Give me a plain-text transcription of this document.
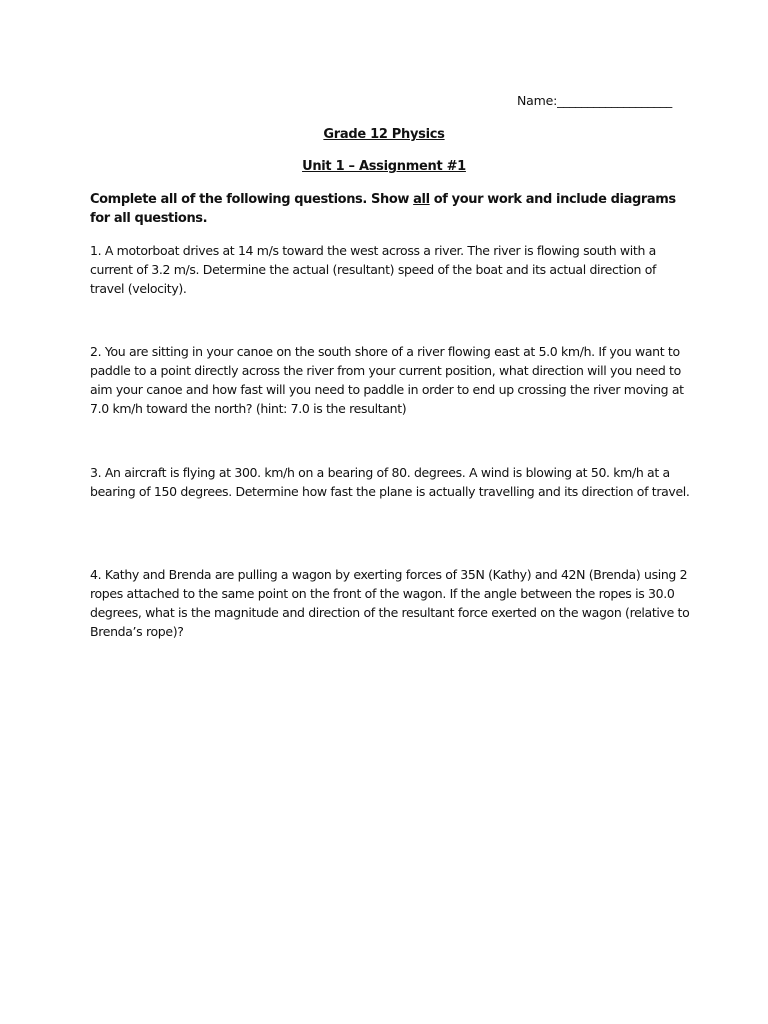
Name:___________________
Grade 12 Physics
Unit 1 – Assignment #1
Complete all of the following questions. Show all of your work and include diagrams for all questions.
1. A motorboat drives at 14 m/s toward the west across a river. The river is flowing south with a current of 3.2 m/s. Determine the actual (resultant) speed of the boat and its actual direction of travel (velocity).
2. You are sitting in your canoe on the south shore of a river flowing east at 5.0 km/h. If you want to paddle to a point directly across the river from your current position, what direction will you need to aim your canoe and how fast will you need to paddle in order to end up crossing the river moving at 7.0 km/h toward the north? (hint: 7.0 is the resultant)
3. An aircraft is flying at 300. km/h on a bearing of 80. degrees. A wind is blowing at 50. km/h at a bearing of 150 degrees. Determine how fast the plane is actually travelling and its direction of travel.
4. Kathy and Brenda are pulling a wagon by exerting forces of 35N (Kathy) and 42N (Brenda) using 2 ropes attached to the same point on the front of the wagon. If the angle between the ropes is 30.0 degrees, what is the magnitude and direction of the resultant force exerted on the wagon (relative to Brenda’s rope)?
